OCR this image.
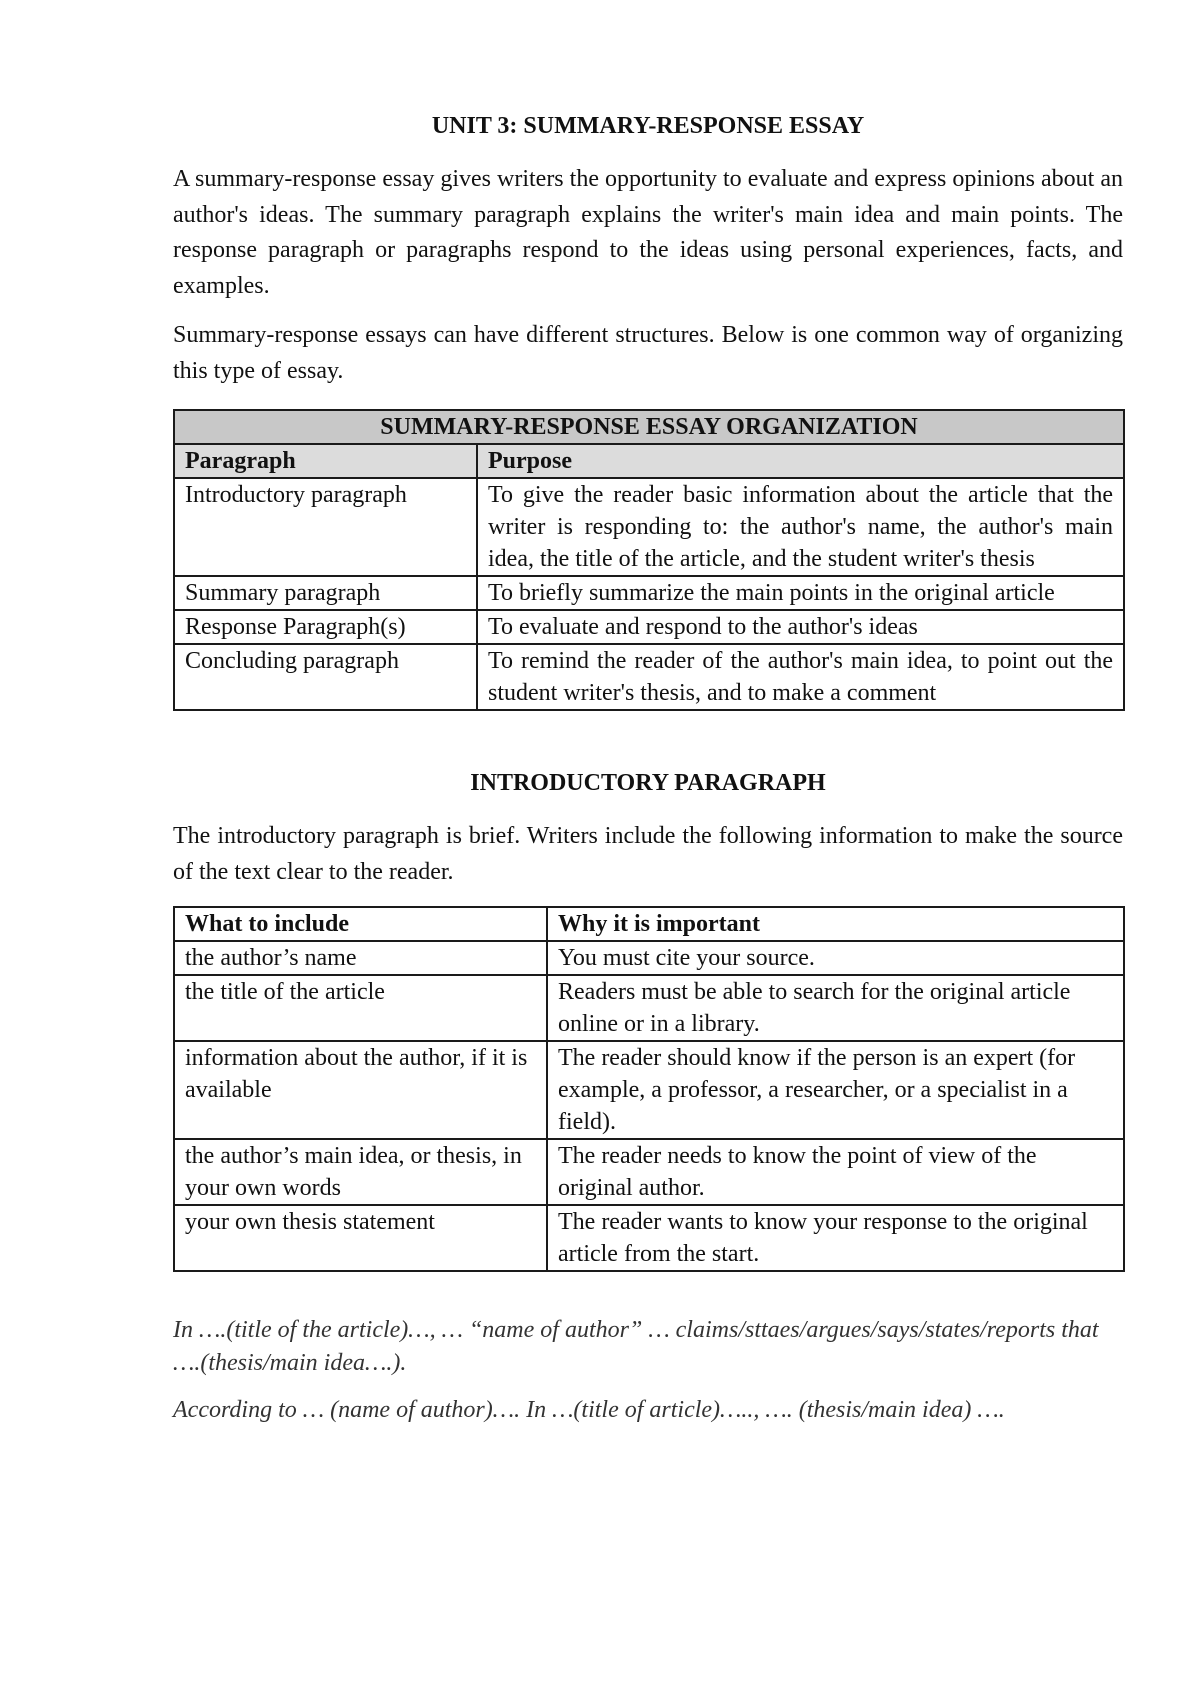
UNIT 3: SUMMARY-RESPONSE ESSAY

A summary-response essay gives writers the opportunity to evaluate and express opinions about an author's ideas. The summary paragraph explains the writer's main idea and main points. The response paragraph or paragraphs respond to the ideas using personal experiences, facts, and examples.

Summary-response essays can have different structures. Below is one common way of organizing this type of essay.

SUMMARY-RESPONSE ESSAY ORGANIZATION	
Paragraph	Purpose
Introductory paragraph	To give the reader basic information about the article that the writer is responding to: the author's name, the author's main idea, the title of the article, and the student writer's thesis
Summary paragraph	To briefly summarize the main points in the original article
Response Paragraph(s)	To evaluate and respond to the author's ideas
Concluding paragraph	To remind the reader of the author's main idea, to point out the student writer's thesis, and to make a comment
INTRODUCTORY PARAGRAPH

The introductory paragraph is brief. Writers include the following information to make the source of the text clear to the reader.

What to include	Why it is important
the author’s name	You must cite your source.
the title of the article	Readers must be able to search for the original article online or in a library.
information about the author, if it is available	The reader should know if the person is an expert (for example, a professor, a researcher, or a specialist in a field).
the author’s main idea, or thesis, in your own words	The reader needs to know the point of view of the original author.
your own thesis statement	The reader wants to know your response to the original article from the start.

In ….(title of the article)…, … “name of author” … claims/sttaes/argues/says/states/reports that ….(thesis/main idea….).

According to … (name of author)…. In …(title of article)….., …. (thesis/main idea) ….
